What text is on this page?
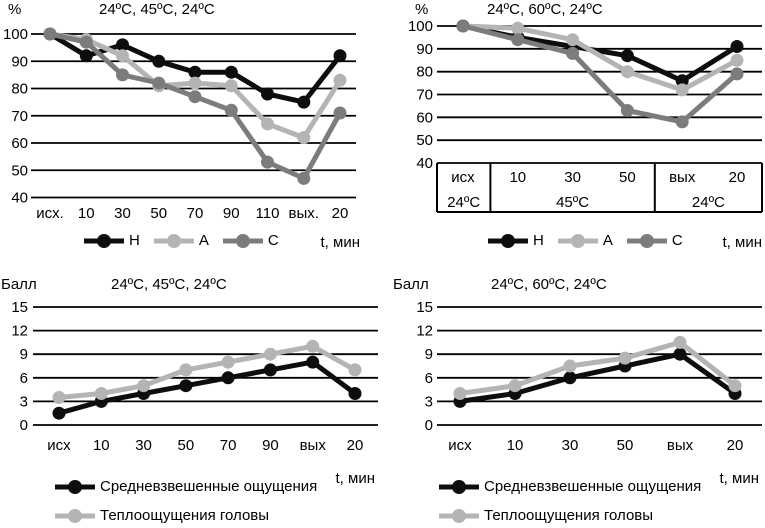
40
50
60
70
80
90
100
исх. 10 30 50 70 90 110 вых. 20
%	24ºС, 45ºС, 24ºС
Н	А	С	t, мин
40
50
60
70
80
90
100
исх 10	30	50 вых 20
24ºС	45ºС	24ºС
%	24ºС, 60ºС, 24ºС
Н	А	С	t, мин
0
3
6
9
12
15
исх 10 30 50 70 90 вых 20
Балл	24ºС, 45ºС, 24ºС
t, мин
Средневзвешенные ощущения
Теплоощущения головы
0
3
6
9
12
15
исх 10	30	50 вых 20
Балл	24ºС, 60ºС, 24ºС
t, мин
Средневзвешенные ощущения
Теплоощущения головы
